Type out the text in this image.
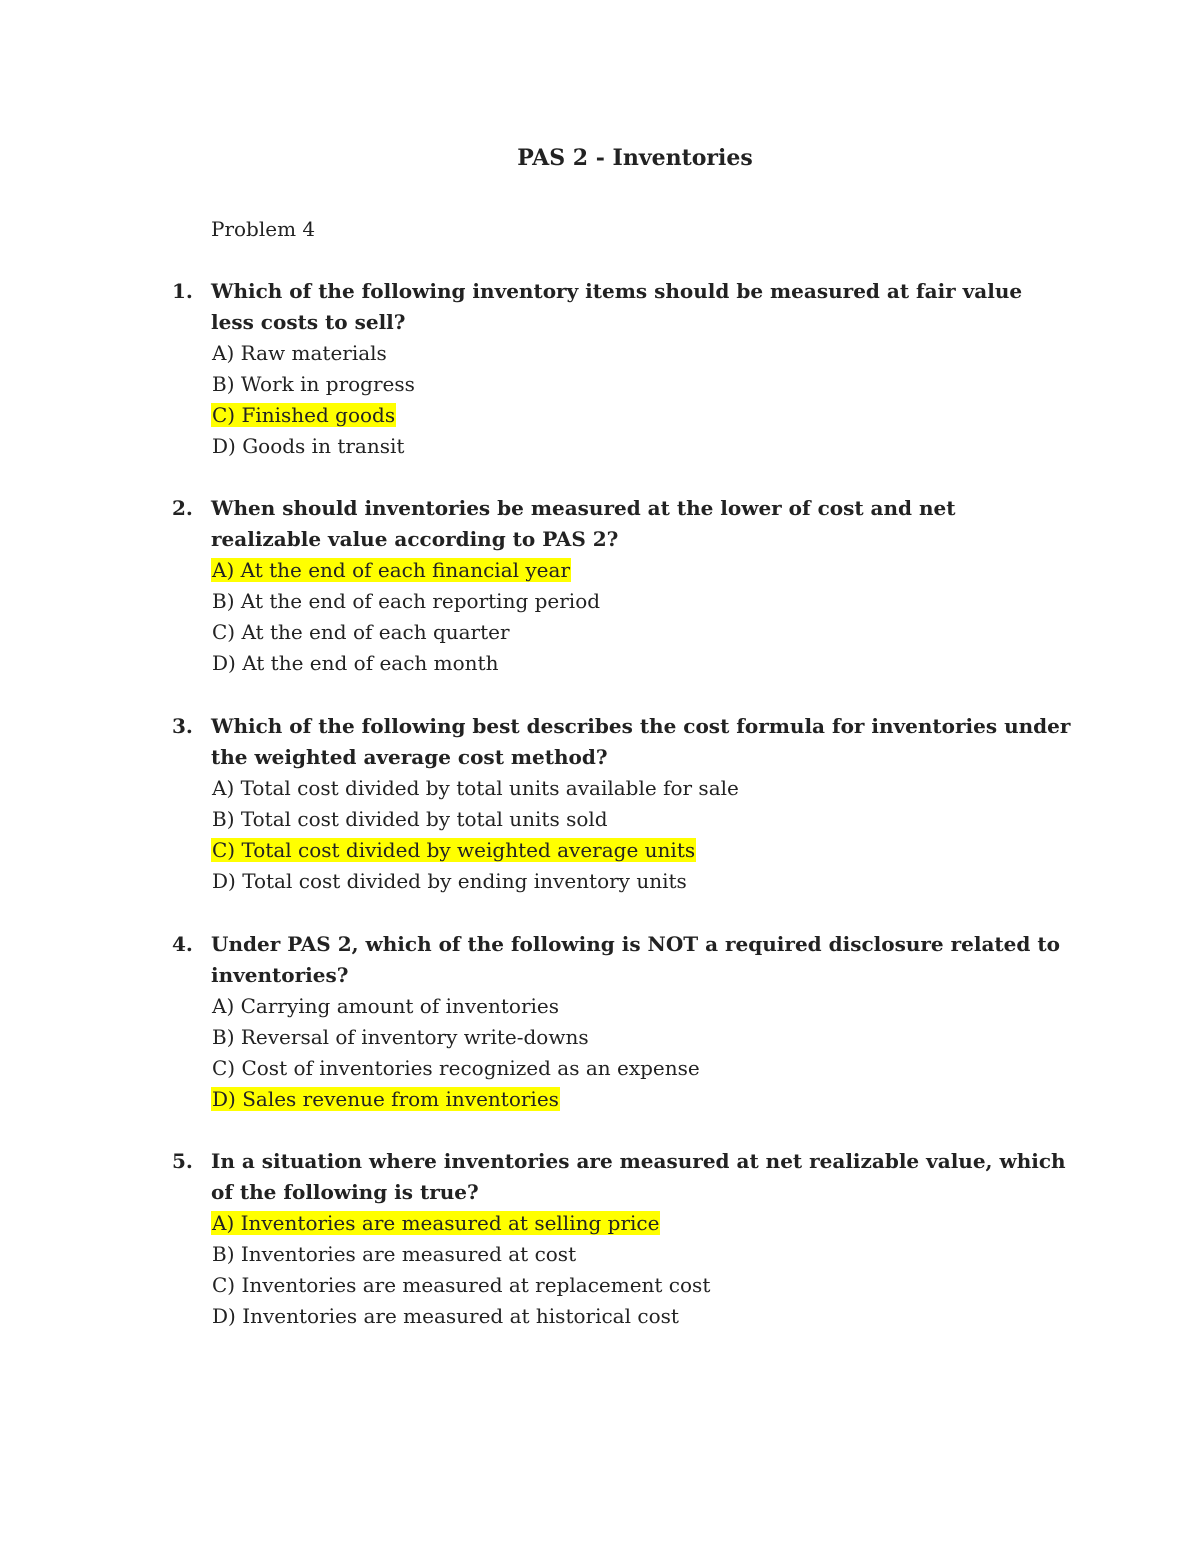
PAS 2 - Inventories

Problem 4

1. Which of the following inventory items should be measured at fair value less costs to sell?
A) Raw materials
B) Work in progress
C) Finished goods
D) Goods in transit
2. When should inventories be measured at the lower of cost and net realizable value according to PAS 2?
A) At the end of each financial year
B) At the end of each reporting period
C) At the end of each quarter
D) At the end of each month
3. Which of the following best describes the cost formula for inventories under the weighted average cost method?
A) Total cost divided by total units available for sale
B) Total cost divided by total units sold
C) Total cost divided by weighted average units
D) Total cost divided by ending inventory units
4. Under PAS 2, which of the following is NOT a required disclosure related to inventories?
A) Carrying amount of inventories
B) Reversal of inventory write-downs
C) Cost of inventories recognized as an expense
D) Sales revenue from inventories
5. In a situation where inventories are measured at net realizable value, which of the following is true?
A) Inventories are measured at selling price
B) Inventories are measured at cost
C) Inventories are measured at replacement cost
D) Inventories are measured at historical cost
